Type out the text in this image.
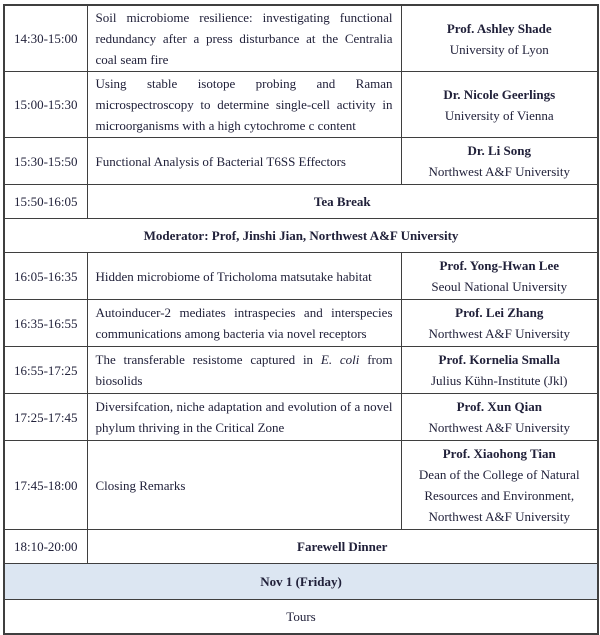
14:30-15:00	Soil microbiome resilience: investigating functional redundancy after a press disturbance at the Centralia coal seam fire	Prof. Ashley Shade
University of Lyon

15:00-15:30	Using stable isotope probing and Raman microspectroscopy to determine single-cell activity in microorganisms with a high cytochrome c content	Dr. Nicole Geerlings
University of Vienna

15:30-15:50	Functional Analysis of Bacterial T6SS Effectors	Dr. Li Song
Northwest A&F University

15:50-16:05	Tea Break	
Moderator: Prof, Jinshi Jian, Northwest A&F University		
16:05-16:35	Hidden microbiome of Tricholoma matsutake habitat	Prof. Yong-Hwan Lee
Seoul National University

16:35-16:55	Autoinducer-2 mediates intraspecies and interspecies communications among bacteria via novel receptors	Prof. Lei Zhang
Northwest A&F University

16:55-17:25	The transferable resistome captured in E. coli from biosolids	Prof. Kornelia Smalla
Julius Kühn-Institute (Jkl)

17:25-17:45	Diversifcation, niche adaptation and evolution of a novel phylum thriving in the Critical Zone	Prof. Xun Qian
Northwest A&F University

17:45-18:00	Closing Remarks	Prof. Xiaohong Tian
Dean of the College of Natural Resources and Environment, Northwest A&F University

18:10-20:00	Farewell Dinner	
Nov 1 (Friday)		
Tours		
